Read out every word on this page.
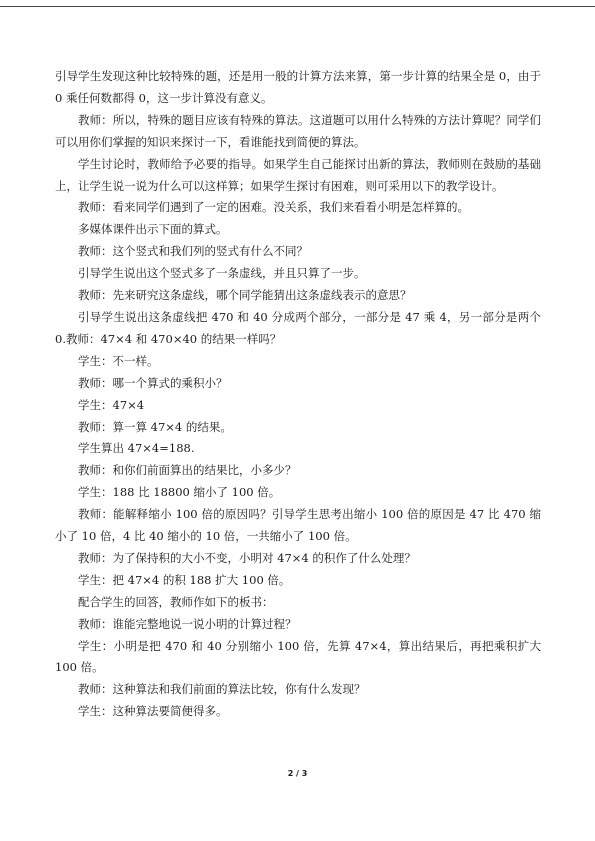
引导学生发现这种比较特殊的题，还是用一般的计算方法来算，第一步计算的结果全是 0，由于 0 乘任何数都得 0，这一步计算没有意义。

教师：所以，特殊的题目应该有特殊的算法。这道题可以用什么特殊的方法计算呢？同学们可以用你们掌握的知识来探讨一下，看谁能找到简便的算法。

学生讨论时，教师给予必要的指导。如果学生自己能探讨出新的算法，教师则在鼓励的基础上，让学生说一说为什么可以这样算；如果学生探讨有困难，则可采用以下的教学设计。

教师：看来同学们遇到了一定的困难。没关系，我们来看看小明是怎样算的。

多媒体课件出示下面的算式。

教师：这个竖式和我们列的竖式有什么不同？

引导学生说出这个竖式多了一条虚线，并且只算了一步。

教师：先来研究这条虚线，哪个同学能猜出这条虚线表示的意思？

引导学生说出这条虚线把 470 和 40 分成两个部分，一部分是 47 乘 4，另一部分是两个 0.教师：47×4 和 470×40 的结果一样吗？

学生：不一样。

教师：哪一个算式的乘积小？

学生：47×4

教师：算一算 47×4 的结果。

学生算出 47×4=188.

教师：和你们前面算出的结果比，小多少？

学生：188 比 18800 缩小了 100 倍。

教师：能解释缩小 100 倍的原因吗？引导学生思考出缩小 100 倍的原因是 47 比 470 缩小了 10 倍，4 比 40 缩小的 10 倍，一共缩小了 100 倍。

教师：为了保持积的大小不变，小明对 47×4 的积作了什么处理？

学生：把 47×4 的积 188 扩大 100 倍。

配合学生的回答，教师作如下的板书：

教师：谁能完整地说一说小明的计算过程？

学生：小明是把 470 和 40 分别缩小 100 倍，先算 47×4，算出结果后，再把乘积扩大 100 倍。

教师：这种算法和我们前面的算法比较，你有什么发现？

学生：这种算法要简便得多。

2 / 3
